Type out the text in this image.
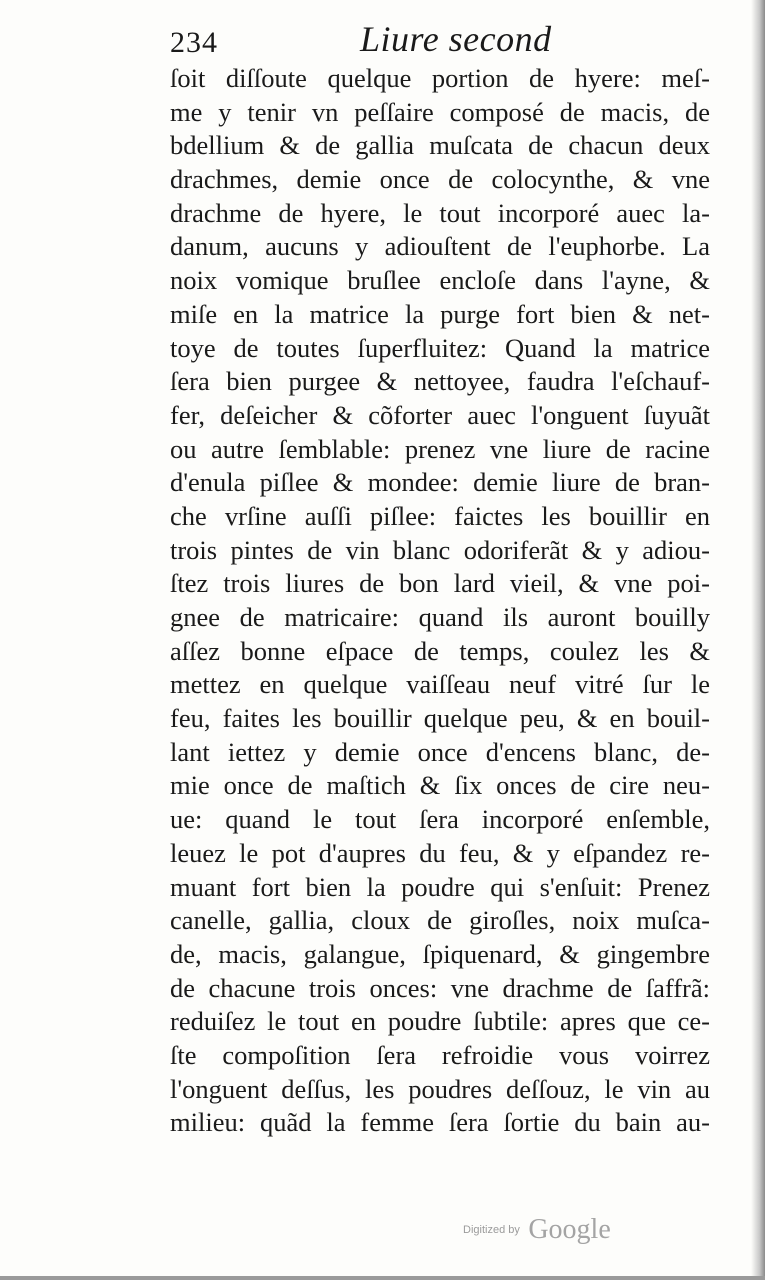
234	Liure second
ſoit diſſoute quelque portion de hyere: meſ-
me y tenir vn peſſaire composé de macis, de
bdellium & de gallia muſcata de chacun deux
drachmes, demie once de colocynthe, & vne
drachme de hyere, le tout incorporé auec la-
danum, aucuns y adiouſtent de l'euphorbe. La
noix vomique bruſlee encloſe dans l'ayne, &
miſe en la matrice la purge fort bien & net-
toye de toutes ſuperfluitez: Quand la matrice
ſera bien purgee & nettoyee, faudra l'eſchauf-
fer, deſeicher & cõforter auec l'onguent ſuyuãt
ou autre ſemblable: prenez vne liure de racine
d'enula piſlee & mondee: demie liure de bran-
che vrſine auſſi piſlee: faictes les bouillir en
trois pintes de vin blanc odoriferãt & y adiou-
ſtez trois liures de bon lard vieil, & vne poi-
gnee de matricaire: quand ils auront bouilly
aſſez bonne eſpace de temps, coulez les &
mettez en quelque vaiſſeau neuf vitré ſur le
feu, faites les bouillir quelque peu, & en bouil-
lant iettez y demie once d'encens blanc, de-
mie once de maſtich & ſix onces de cire neu-
ue: quand le tout ſera incorporé enſemble,
leuez le pot d'aupres du feu, & y eſpandez re-
muant fort bien la poudre qui s'enſuit: Prenez
canelle, gallia, cloux de giroſles, noix muſca-
de, macis, galangue, ſpiquenard, & gingembre
de chacune trois onces: vne drachme de ſaffrã:
reduiſez le tout en poudre ſubtile: apres que ce-
ſte compoſition ſera refroidie vous voirrez
l'onguent deſſus, les poudres deſſouz, le vin au
milieu: quãd la femme ſera ſortie du bain au-
Digitized by Google
